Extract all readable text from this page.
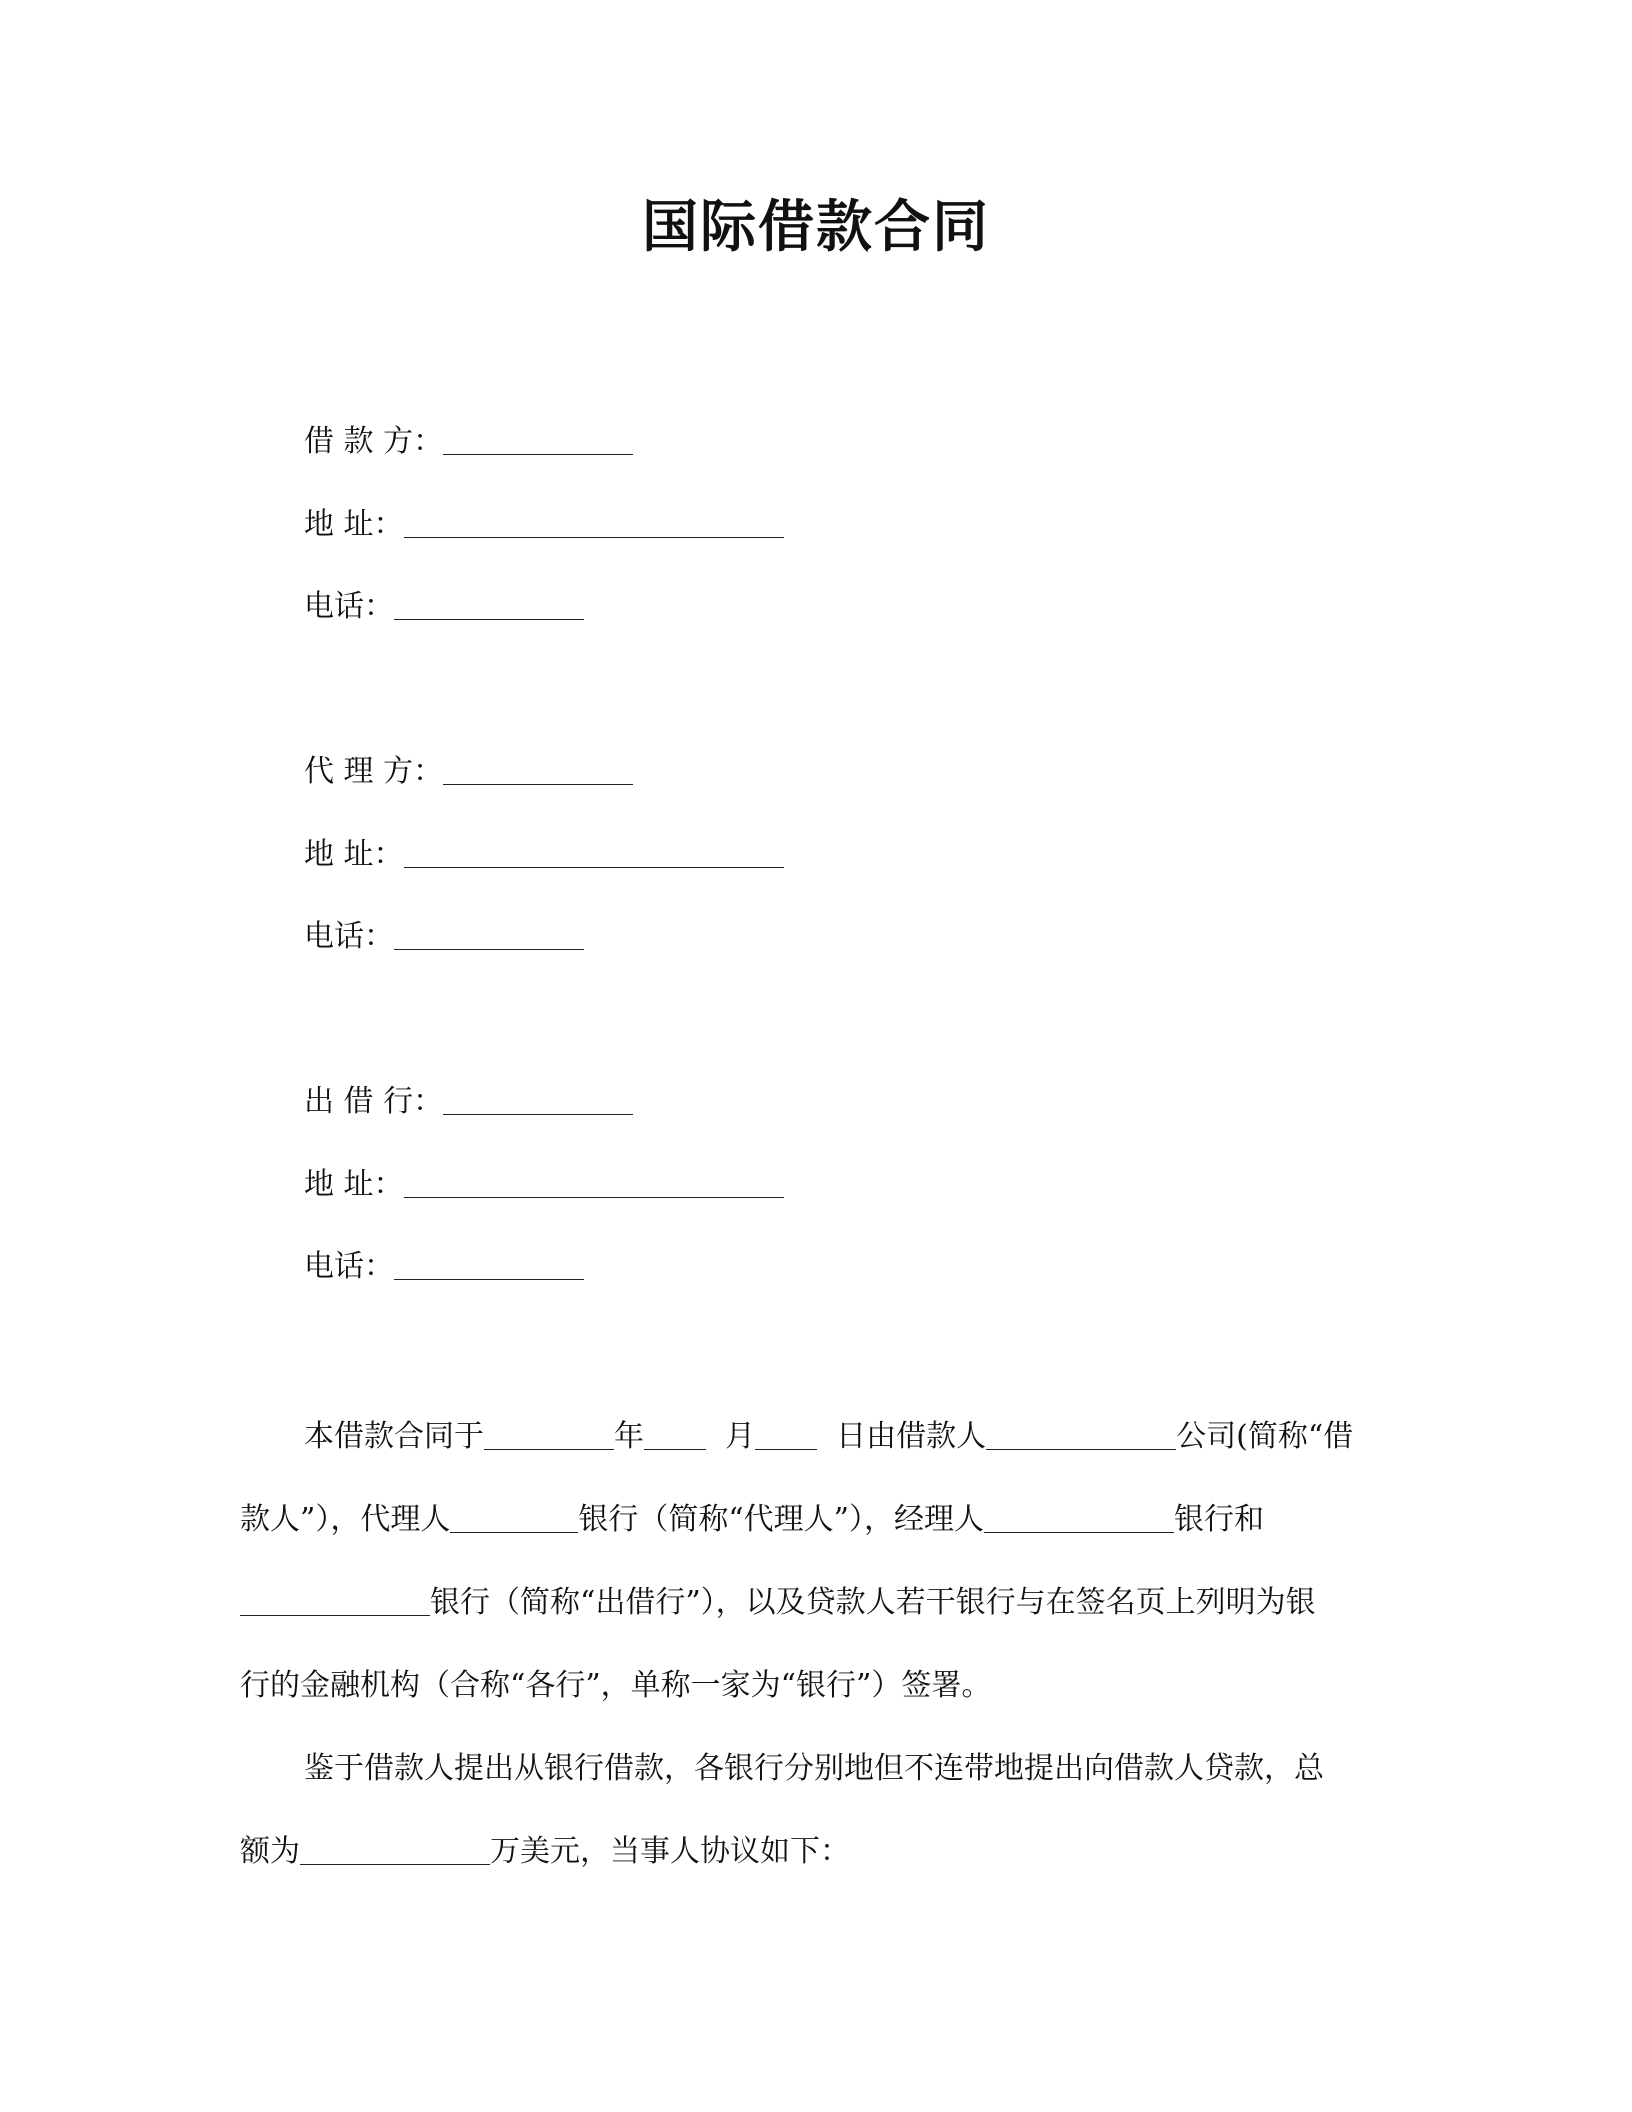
国际借款合同
借 款 方：
地 址：
电话：
代 理 方：
地 址：
电话：
出 借 行：
地 址：
电话：
本借款合同于	年	月	日由借款人	公司(简称“借
款人”），代理人	银行（简称“代理人”），经理人	银行和
银行（简称“出借行”），以及贷款人若干银行与在签名页上列明为银
行的金融机构（合称“各行”，单称一家为“银行”）签署。
鉴于借款人提出从银行借款，各银行分别地但不连带地提出向借款人贷款，总
额为	万美元，当事人协议如下：
